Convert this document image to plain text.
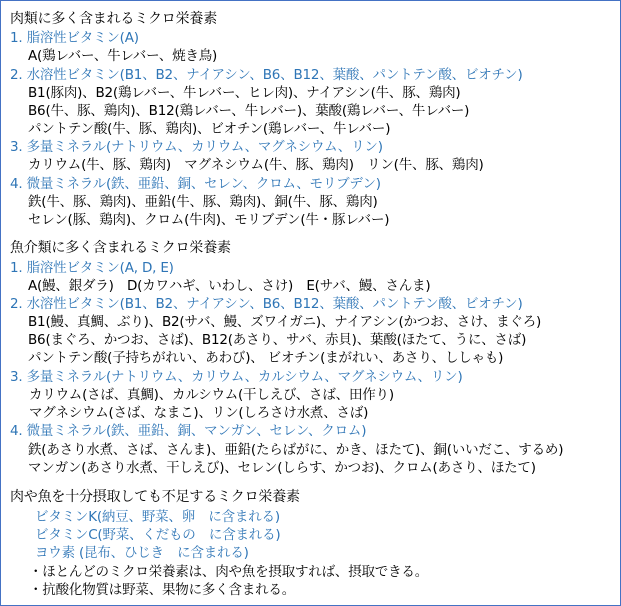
肉類に多く含まれるミクロ栄養素
1. 脂溶性ビタミン(A)
A(鶏レバー、牛レバー、焼き鳥)
2. 水溶性ビタミン(B1、B2、ナイアシン、B6、B12、葉酸、パントテン酸、ビオチン)
B1(豚肉)、B2(鶏レバー、牛レバー、ヒレ肉)、ナイアシン(牛、豚、鶏肉)
B6(牛、豚、鶏肉)、B12(鶏レバー、牛レバー)、葉酸(鶏レバー、牛レバー)
パントテン酸(牛、豚、鶏肉)、ビオチン(鶏レバー、牛レバー)
3. 多量ミネラル(ナトリウム、カリウム、マグネシウム、リン)
カリウム(牛、豚、鶏肉)　マグネシウム(牛、豚、鶏肉)　リン(牛、豚、鶏肉)
4. 微量ミネラル(鉄、亜鉛、銅、セレン、クロム、モリブデン)
鉄(牛、豚、鶏肉)、亜鉛(牛、豚、鶏肉)、銅(牛、豚、鶏肉)
セレン(豚、鶏肉)、クロム(牛肉)、モリブデン(牛・豚レバー)
魚介類に多く含まれるミクロ栄養素
1. 脂溶性ビタミン(A, D, E)
A(鰻、銀ダラ)　D(カワハギ、いわし、さけ)　E(サバ、鰻、さんま)
2. 水溶性ビタミン(B1、B2、ナイアシン、B6、B12、葉酸、パントテン酸、ビオチン)
B1(鰻、真鯛、ぶり)、B2(サバ、鰻、ズワイガニ)、ナイアシン(かつお、さけ、まぐろ)
B6(まぐろ、かつお、さば)、B12(あさり、サバ、赤貝)、葉酸(ほたて、うに、さば)
パントテン酸(子持ちがれい、あわび)、 ビオチン(まがれい、あさり、ししゃも)
3. 多量ミネラル(ナトリウム、カリウム、カルシウム、マグネシウム、リン)
カリウム(さば、真鯛)、カルシウム(干しえび、さば、田作り)
マグネシウム(さば、なまこ)、リン(しろさけ水煮、さば)
4. 微量ミネラル(鉄、亜鉛、銅、マンガン、セレン、クロム)
鉄(あさり水煮、さば、さんま)、亜鉛(たらばがに、かき、ほたて)、銅(いいだこ、するめ)
マンガン(あさり水煮、干しえび)、セレン(しらす、かつお)、クロム(あさり、ほたて)
肉や魚を十分摂取しても不足するミクロ栄養素
ビタミンK(納豆、野菜、卵　に含まれる)
ビタミンC(野菜、くだもの　に含まれる)
ヨウ素 (昆布、ひじき　に含まれる)
・ほとんどのミクロ栄養素は、肉や魚を摂取すれば、摂取できる。
・抗酸化物質は野菜、果物に多く含まれる。
